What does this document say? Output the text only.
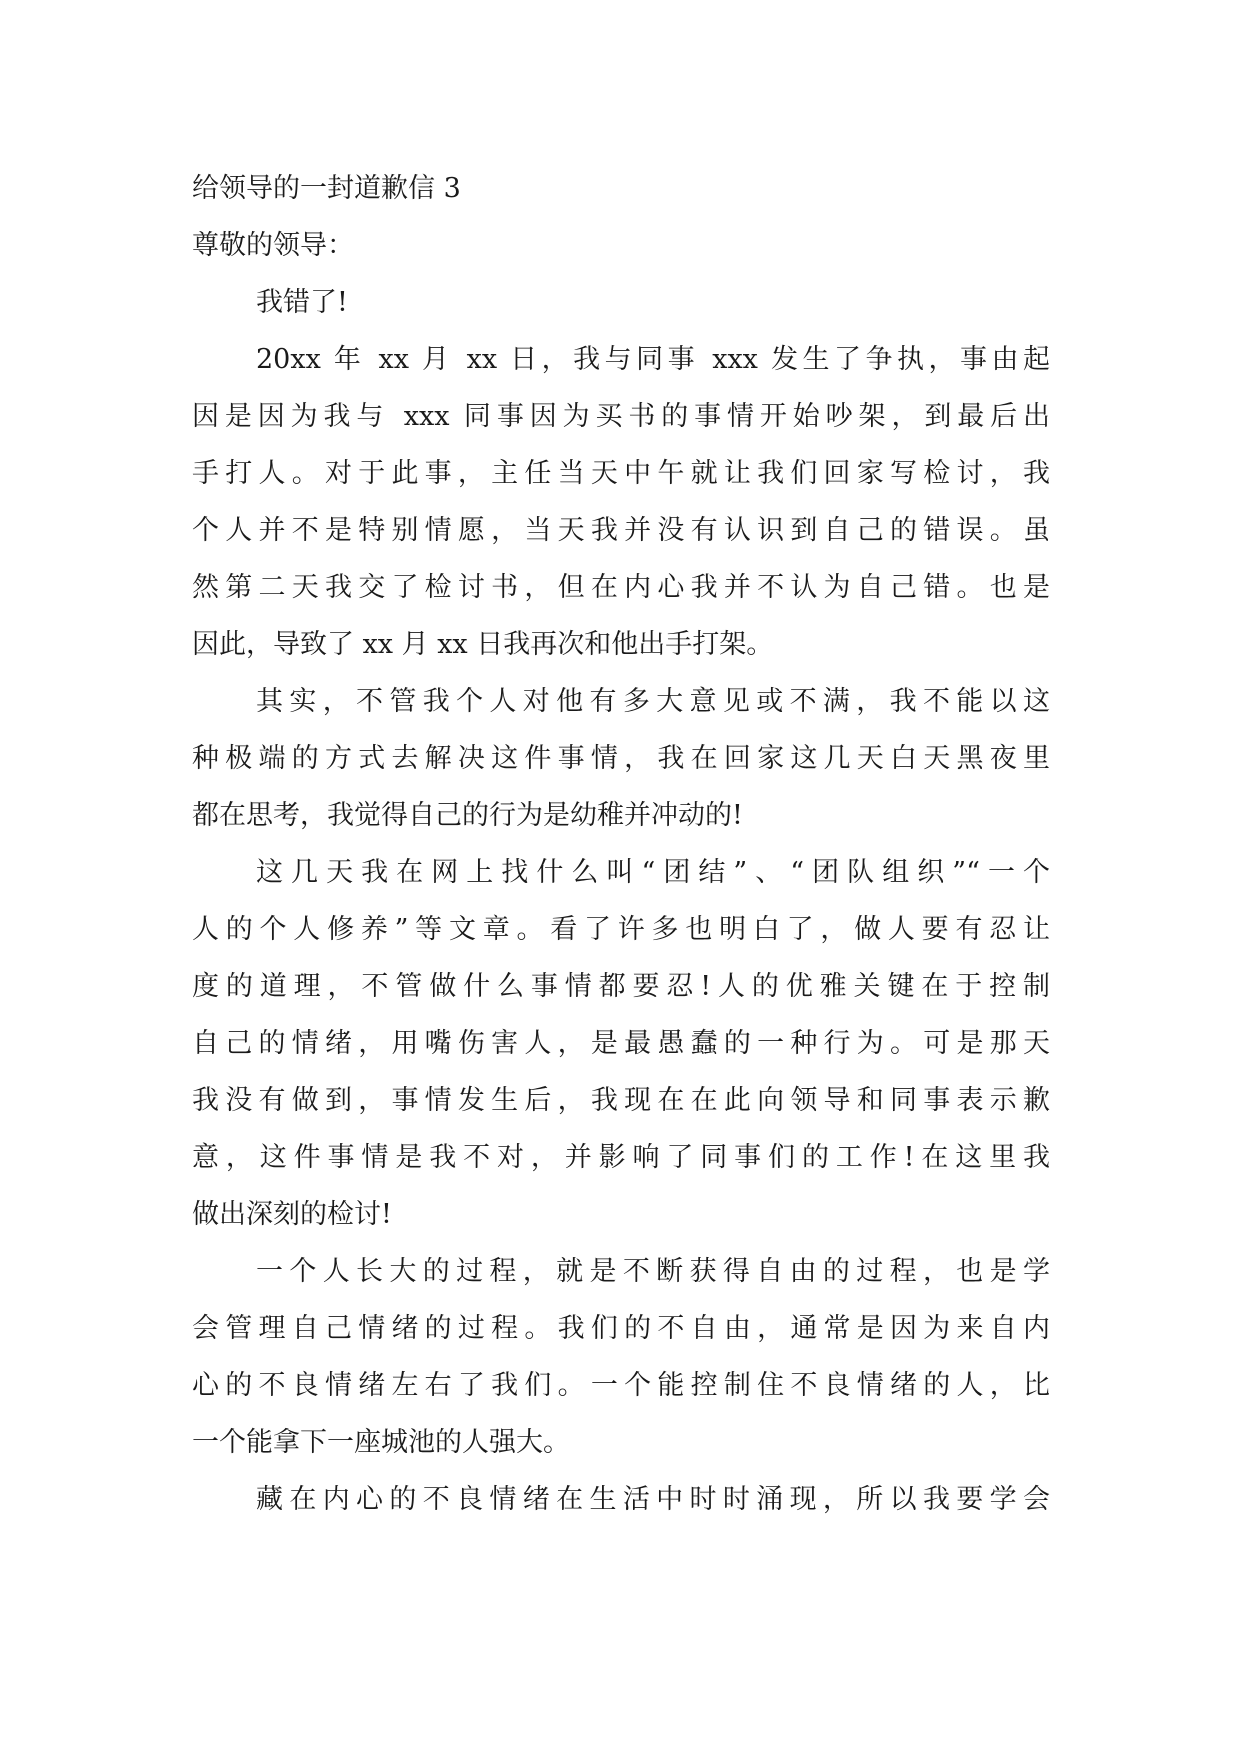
给领导的一封道歉信 3
尊敬的领导：
我错了!
20xx 年 xx 月 xx 日，我与同事 xxx 发生了争执，事由起
因是因为我与 xxx 同事因为买书的事情开始吵架，到最后出
手打人。对于此事，主任当天中午就让我们回家写检讨，我
个人并不是特别情愿，当天我并没有认识到自己的错误。虽
然第二天我交了检讨书，但在内心我并不认为自己错。也是
因此，导致了 xx 月 xx 日我再次和他出手打架。
其实，不管我个人对他有多大意见或不满，我不能以这
种极端的方式去解决这件事情，我在回家这几天白天黑夜里
都在思考，我觉得自己的行为是幼稚并冲动的!
这几天我在网上找什么叫“团结”、“团队组织”“一个
人的个人修养”等文章。看了许多也明白了，做人要有忍让
度的道理，不管做什么事情都要忍!人的优雅关键在于控制
自己的情绪，用嘴伤害人，是最愚蠢的一种行为。可是那天
我没有做到，事情发生后，我现在在此向领导和同事表示歉
意，这件事情是我不对，并影响了同事们的工作!在这里我
做出深刻的检讨!
一个人长大的过程，就是不断获得自由的过程，也是学
会管理自己情绪的过程。我们的不自由，通常是因为来自内
心的不良情绪左右了我们。一个能控制住不良情绪的人，比
一个能拿下一座城池的人强大。
藏在内心的不良情绪在生活中时时涌现，所以我要学会
